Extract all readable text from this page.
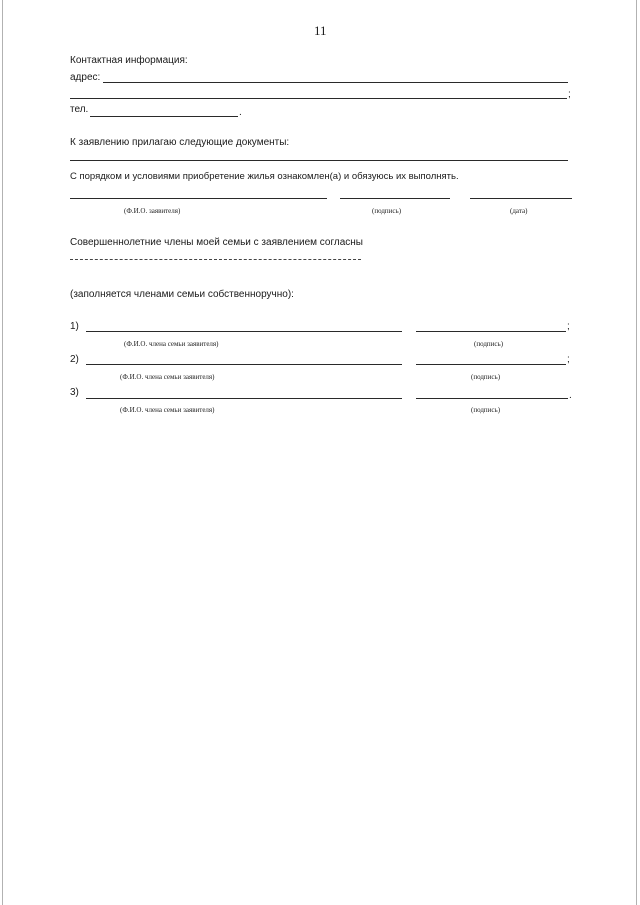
11
Контактная информация:
адрес:
;
тел.	.
К заявлению прилагаю следующие документы:
С порядком и условиями приобретение жилья ознакомлен(а) и обязуюсь их выполнять.
(Ф.И.О. заявителя)	(подпись)	(дата)
Совершеннолетние члены моей семьи с заявлением согласны
(заполняется членами семьи собственноручно):
1)	;
(Ф.И.О. члена семьи заявителя)	(подпись)
2)	;
(Ф.И.О. члена семьи заявителя)	(подпись)
3)	.
(Ф.И.О. члена семьи заявителя)	(подпись)
